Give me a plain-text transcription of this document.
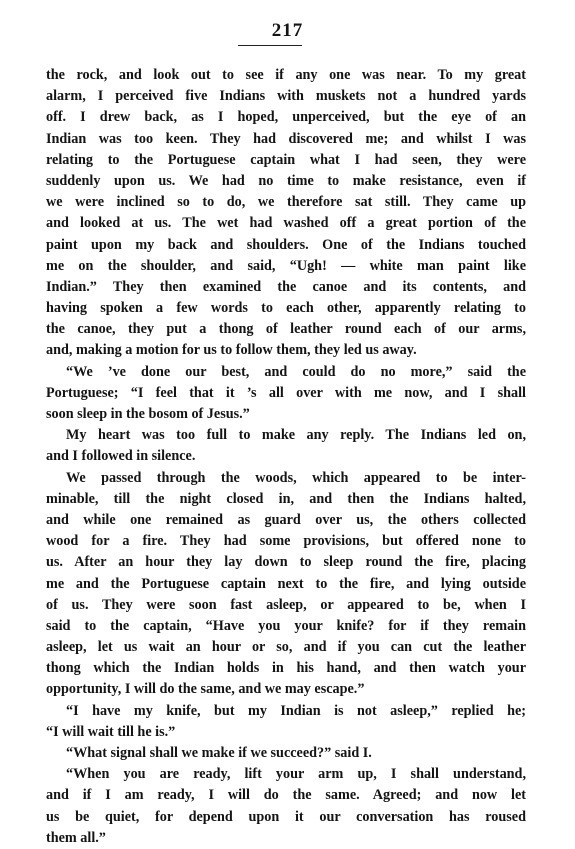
217
the rock, and look out to see if any one was near. To my great
alarm, I perceived five Indians with muskets not a hundred yards
off. I drew back, as I hoped, unperceived, but the eye of an
Indian was too keen. They had discovered me; and whilst I was
relating to the Portuguese captain what I had seen, they were
suddenly upon us. We had no time to make resistance, even if
we were inclined so to do, we therefore sat still. They came up
and looked at us. The wet had washed off a great portion of the
paint upon my back and shoulders. One of the Indians touched
me on the shoulder, and said, “Ugh! — white man paint like
Indian.” They then examined the canoe and its contents, and
having spoken a few words to each other, apparently relating to
the canoe, they put a thong of leather round each of our arms,
and, making a motion for us to follow them, they led us away.
“We ’ve done our best, and could do no more,” said the
Portuguese; “I feel that it ’s all over with me now, and I shall
soon sleep in the bosom of Jesus.”
My heart was too full to make any reply. The Indians led on,
and I followed in silence.
We passed through the woods, which appeared to be inter-
minable, till the night closed in, and then the Indians halted,
and while one remained as guard over us, the others collected
wood for a fire. They had some provisions, but offered none to
us. After an hour they lay down to sleep round the fire, placing
me and the Portuguese captain next to the fire, and lying outside
of us. They were soon fast asleep, or appeared to be, when I
said to the captain, “Have you your knife? for if they remain
asleep, let us wait an hour or so, and if you can cut the leather
thong which the Indian holds in his hand, and then watch your
opportunity, I will do the same, and we may escape.”
“I have my knife, but my Indian is not asleep,” replied he;
“I will wait till he is.”
“What signal shall we make if we succeed?” said I.
“When you are ready, lift your arm up, I shall understand,
and if I am ready, I will do the same. Agreed; and now let
us be quiet, for depend upon it our conversation has roused
them all.”
